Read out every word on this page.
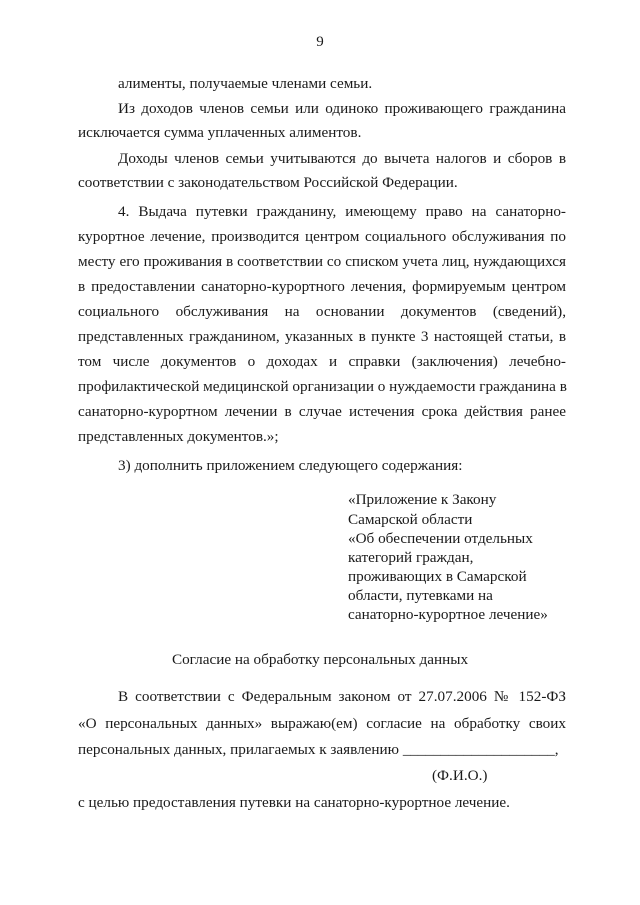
9
алименты, получаемые членами семьи.
Из доходов членов семьи или одиноко проживающего гражданина
исключается сумма уплаченных алиментов.
Доходы членов семьи учитываются до вычета налогов и сборов в
соответствии с законодательством Российской Федерации.
4. Выдача путевки гражданину, имеющему право на санаторно-
курортное лечение, производится центром социального обслуживания по
месту его проживания в соответствии со списком учета лиц, нуждающихся
в предоставлении санаторно-курортного лечения, формируемым центром
социального обслуживания на основании документов (сведений),
представленных гражданином, указанных в пункте 3 настоящей статьи, в
том числе документов о доходах и справки (заключения) лечебно-
профилактической медицинской организации о нуждаемости гражданина в
санаторно-курортном лечении в случае истечения срока действия ранее
представленных документов.»;
3) дополнить приложением следующего содержания:
«Приложение к Закону
Самарской области
«Об обеспечении отдельных
категорий граждан,
проживающих в Самарской
области, путевками на
санаторно-курортное лечение»
Согласие на обработку персональных данных
В соответствии с Федеральным законом от 27.07.2006 № 152-ФЗ
«О персональных данных» выражаю(ем) согласие на обработку своих
персональных данных, прилагаемых к заявлению ____________________,
(Ф.И.О.)
с целью предоставления путевки на санаторно-курортное лечение.
